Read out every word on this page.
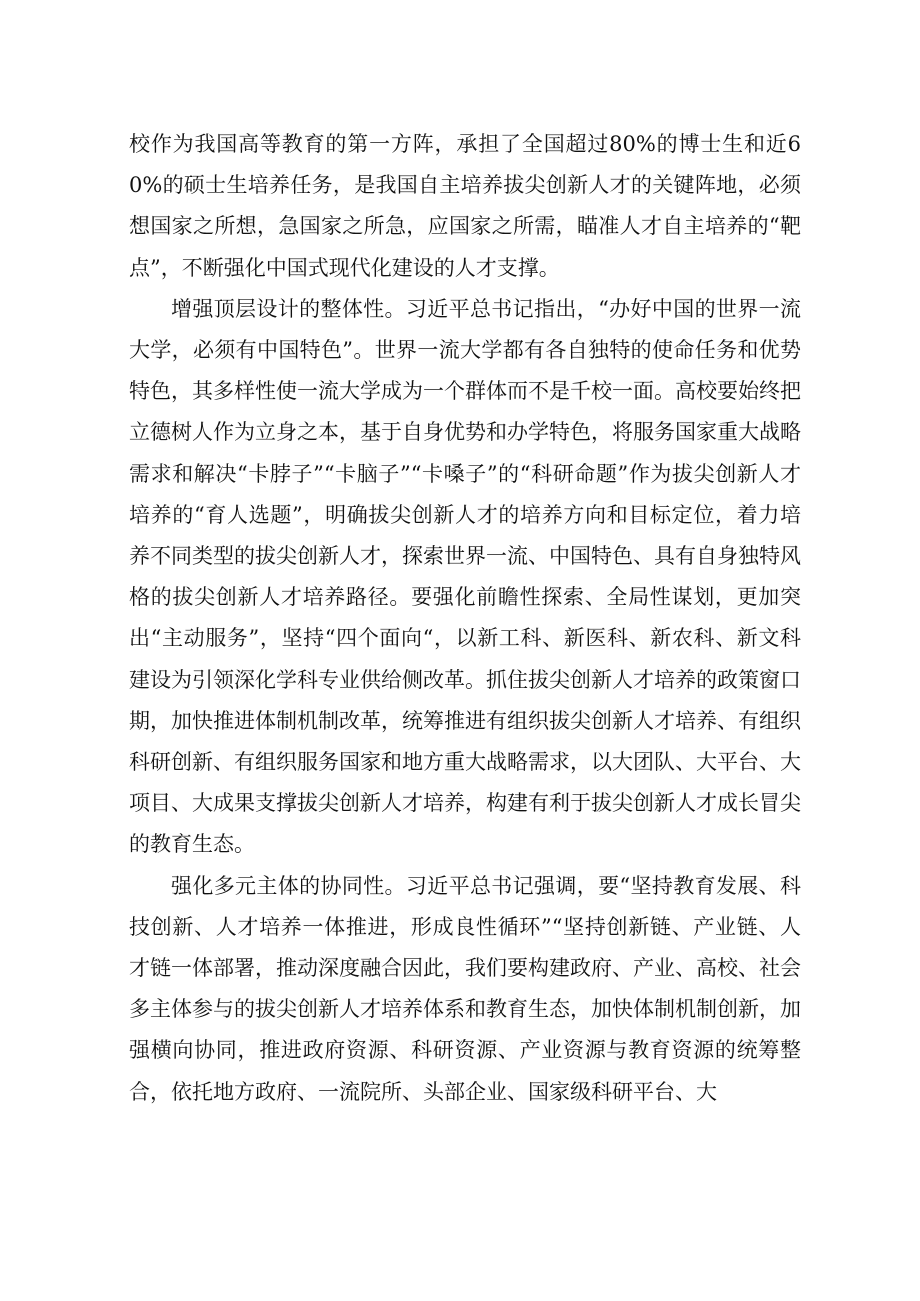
校作为我国高等教育的第一方阵，承担了全国超过80%的博士生和近60%的硕士生培养任务，是我国自主培养拔尖创新人才的关键阵地，必须想国家之所想，急国家之所急，应国家之所需，瞄准人才自主培养的“靶点”，不断强化中国式现代化建设的人才支撑。

增强顶层设计的整体性。习近平总书记指出，“办好中国的世界一流大学，必须有中国特色”。世界一流大学都有各自独特的使命任务和优势特色，其多样性使一流大学成为一个群体而不是千校一面。高校要始终把立德树人作为立身之本，基于自身优势和办学特色，将服务国家重大战略需求和解决“卡脖子”“卡脑子”“卡嗓子”的“科研命题”作为拔尖创新人才培养的“育人选题”，明确拔尖创新人才的培养方向和目标定位，着力培养不同类型的拔尖创新人才，探索世界一流、中国特色、具有自身独特风格的拔尖创新人才培养路径。要强化前瞻性探索、全局性谋划，更加突出“主动服务”，坚持“四个面向“，以新工科、新医科、新农科、新文科建设为引领深化学科专业供给侧改革。抓住拔尖创新人才培养的政策窗口期，加快推进体制机制改革，统筹推进有组织拔尖创新人才培养、有组织科研创新、有组织服务国家和地方重大战略需求，以大团队、大平台、大项目、大成果支撑拔尖创新人才培养，构建有利于拔尖创新人才成长冒尖的教育生态。

强化多元主体的协同性。习近平总书记强调，要“坚持教育发展、科技创新、人才培养一体推进，形成良性循环”“坚持创新链、产业链、人才链一体部署，推动深度融合因此，我们要构建政府、产业、高校、社会多主体参与的拔尖创新人才培养体系和教育生态，加快体制机制创新，加强横向协同，推进政府资源、科研资源、产业资源与教育资源的统筹整合，依托地方政府、一流院所、头部企业、国家级科研平台、大
